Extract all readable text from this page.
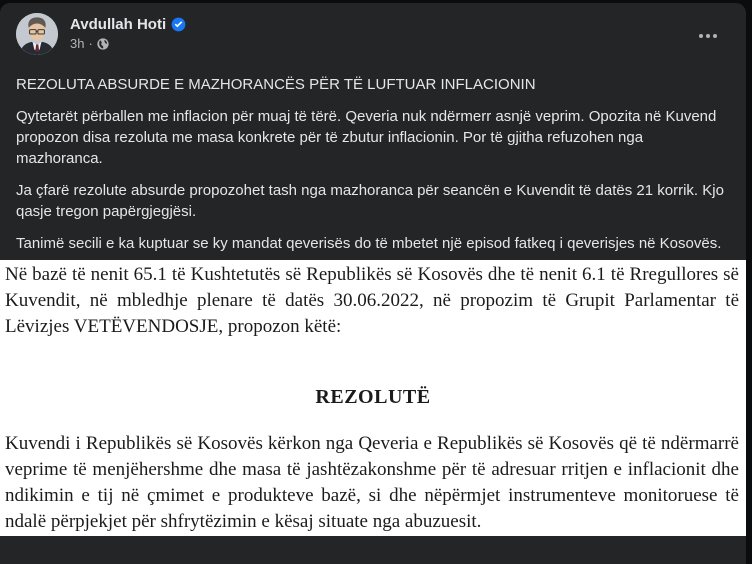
Avdullah Hoti
3h ·

REZOLUTA ABSURDE E MAZHORANCËS PËR TË LUFTUAR INFLACIONIN

Qytetarët përballen me inflacion për muaj të tërë. Qeveria nuk ndërmerr asnjë veprim. Opozita në Kuvend propozon disa rezoluta me masa konkrete për të zbutur inflacionin. Por të gjitha refuzohen nga mazhoranca.

Ja çfarë rezolute absurde propozohet tash nga mazhoranca për seancën e Kuvendit të datës 21 korrik. Kjo qasje tregon papërgjegjësi.

Tanimë secili e ka kuptuar se ky mandat qeverisës do të mbetet një episod fatkeq i qeverisjes në Kosovës.

Në bazë të nenit 65.1 të Kushtetutës së Republikës së Kosovës dhe të nenit 6.1 të Rregullores së Kuvendit, në mbledhje plenare të datës 30.06.2022, në propozim të Grupit Parlamentar të Lëvizjes VETËVENDOSJE, propozon këtë:
REZOLUTË
Kuvendi i Republikës së Kosovës kërkon nga Qeveria e Republikës së Kosovës që të ndërmarrë veprime të menjëhershme dhe masa të jashtëzakonshme për të adresuar rritjen e inflacionit dhe ndikimin e tij në çmimet e produkteve bazë, si dhe nëpërmjet instrumenteve monitoruese të ndalë përpjekjet për shfrytëzimin e kësaj situate nga abuzuesit.
